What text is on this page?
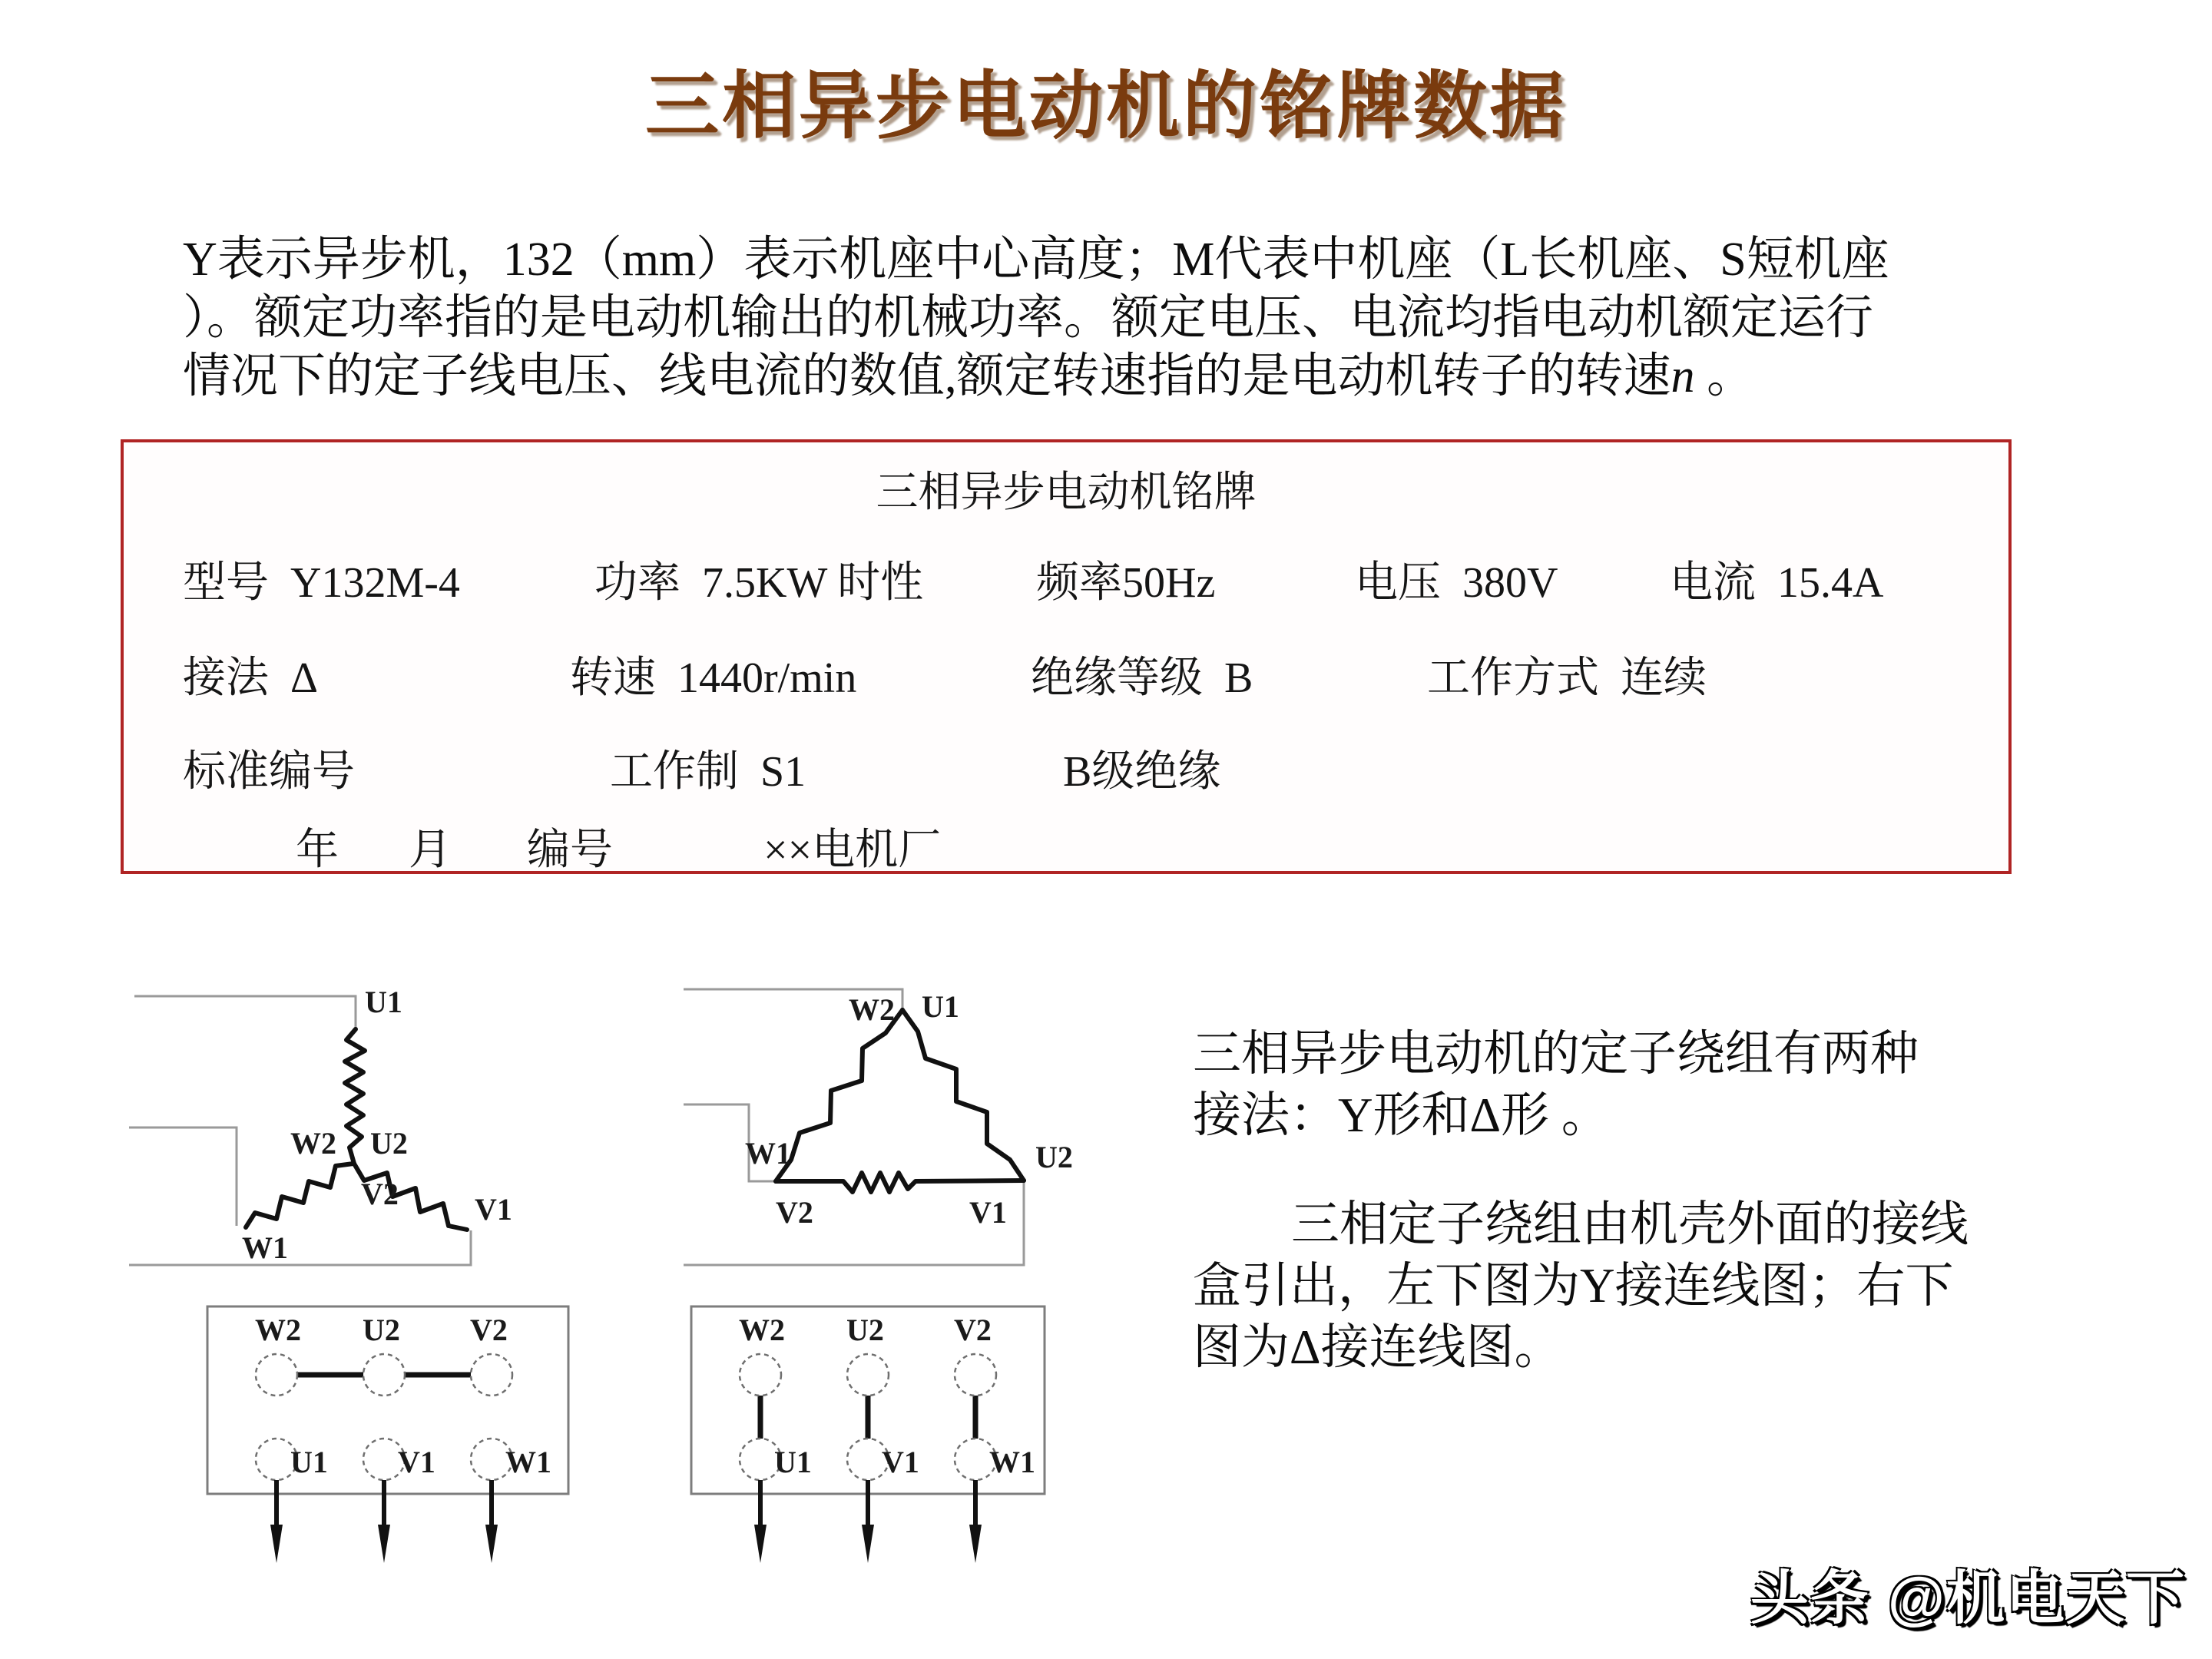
三相异步电动机的铭牌数据
Y表示异步机，132（mm）表示机座中心高度；M代表中机座（L长机座、S短机座
）。额定功率指的是电动机输出的机械功率。额定电压、电流均指电动机额定运行
情况下的定子线电压、线电流的数值,额定转速指的是电动机转子的转速n 。
三相异步电动机铭牌
型号  Y132M-4	功率  7.5KW 时性	频率50Hz	电压  380V	电流  15.4A
接法  Δ	转速  1440r/min	绝缘等级  B	工作方式  连续
标准编号	工作制  S1	B级绝缘
年 月 编号	××电机厂
U1
W2 U2
V2
W1
V1
W2 U1
W1	U2
V2	V1
W2 U2 V2
U1 V1 W1
W2 U2 V2
U1 V1 W1
三相异步电动机的定子绕组有两种
接法：Y形和Δ形 。
三相定子绕组由机壳外面的接线
盒引出，左下图为Y接连线图；右下
图为Δ接连线图。
头条 @机电天下
